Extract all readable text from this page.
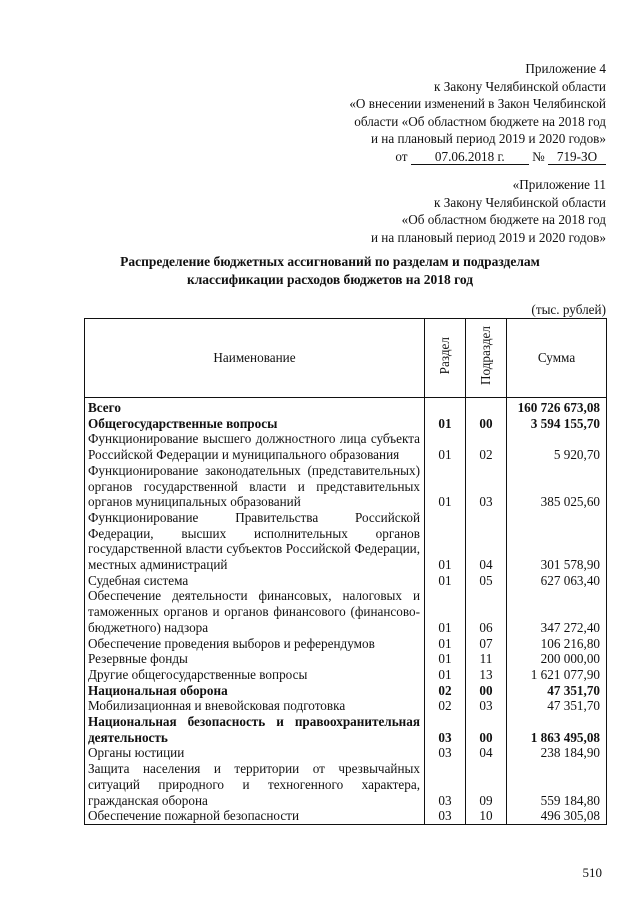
Приложение 4
к Закону Челябинской области
«О внесении изменений в Закон Челябинской
области «Об областном бюджете на 2018 год
и на плановый период 2019 и 2020 годов»
от 07.06.2018 г. № 719-ЗО
«Приложение 11
к Закону Челябинской области
«Об областном бюджете на 2018 год
и на плановый период 2019 и 2020 годов»
Распределение бюджетных ассигнований по разделам и подразделам
классификации расходов бюджетов на 2018 год
(тыс. рублей)
Наименование	Раздел	Подраздел	Сумма
Всего			160 726 673,08
Общегосударственные вопросы	01	00	3 594 155,70
Функционирование высшего должностного лица субъекта Российской Федерации и муниципального образования	01	02	5 920,70
Функционирование законодательных (представительных) органов государственной власти и представительных органов муниципальных образований	01	03	385 025,60
Функционирование Правительства Российской Федерации, высших исполнительных органов государственной власти субъектов Российской Федерации, местных администраций	01	04	301 578,90
Судебная система	01	05	627 063,40
Обеспечение деятельности финансовых, налоговых и таможенных органов и органов финансового (финансово-бюджетного) надзора	01	06	347 272,40
Обеспечение проведения выборов и референдумов	01	07	106 216,80
Резервные фонды	01	11	200 000,00
Другие общегосударственные вопросы	01	13	1 621 077,90
Национальная оборона	02	00	47 351,70
Мобилизационная и вневойсковая подготовка	02	03	47 351,70
Национальная безопасность и правоохранительная деятельность	03	00	1 863 495,08
Органы юстиции	03	04	238 184,90
Защита населения и территории от чрезвычайных ситуаций природного и техногенного характера, гражданская оборона	03	09	559 184,80
Обеспечение пожарной безопасности	03	10	496 305,08
510
